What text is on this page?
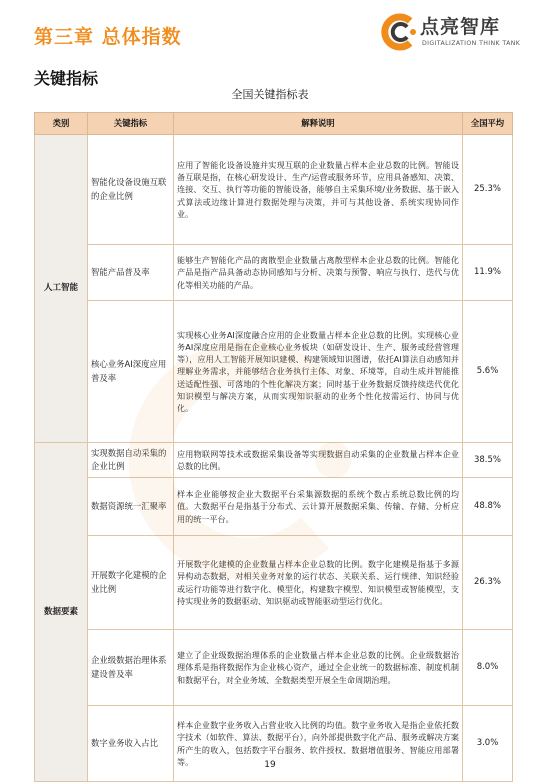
第三章 总体指数	点亮智库
DIGITALIZATION THINK TANK
关键指标
全国关键指标表
类别	关键指标	解释说明	全国平均
人工智能	智能化设备设施互联的企业比例	应用了智能化设备设施并实现互联的企业数量占样本企业总数的比例。智能设备互联是指，在核心研发设计、生产/运营或服务环节，应用具备感知、决策、连接、交互、执行等功能的智能设备，能够自主采集环境/业务数据、基于嵌入式算法或边缘计算进行数据处理与决策，并可与其他设备、系统实现协同作业。	25.3%
	智能产品普及率	能够生产智能化产品的离散型企业数量占离散型样本企业总数的比例。智能化产品是指产品具备动态协同感知与分析、决策与预警、响应与执行、迭代与优化等相关功能的产品。	11.9%
	核心业务AI深度应用普及率	实现核心业务AI深度融合应用的企业数量占样本企业总数的比例。实现核心业务AI深度应用是指在企业核心业务板块（如研发设计、生产、服务或经营管理等），应用人工智能开展知识建模、构建领域知识图谱，依托AI算法自动感知并理解业务需求，并能够结合业务执行主体、对象、环境等，自动生成并智能推送适配性强、可落地的个性化解决方案；同时基于业务数据反馈持续迭代优化知识模型与解决方案，从而实现知识驱动的业务个性化按需运行、协同与优化。	5.6%
数据要素	实现数据自动采集的企业比例	应用物联网等技术或数据采集设备等实现数据自动采集的企业数量占样本企业总数的比例。	38.5%
	数据资源统一汇聚率	样本企业能够按企业大数据平台采集源数据的系统个数占系统总数比例的均值。大数据平台是指基于分布式、云计算开展数据采集、传输、存储、分析应用的统一平台。	48.8%
	开展数字化建模的企业比例	开展数字化建模的企业数量占样本企业总数的比例。数字化建模是指基于多源异构动态数据，对相关业务对象的运行状态、关联关系、运行规律、知识经验或运行功能等进行数字化、模型化，构建数字模型、知识模型或智能模型，支持实现业务的数据驱动、知识驱动或智能驱动型运行优化。	26.3%
	企业级数据治理体系建设普及率	建立了企业级数据治理体系的企业数量占样本企业总数的比例。企业级数据治理体系是指将数据作为企业核心资产，通过全企业统一的数据标准、制度机制和数据平台，对全业务域、全数据类型开展全生命周期治理。	8.0%
	数字业务收入占比	样本企业数字业务收入占营业收入比例的均值。数字业务收入是指企业依托数字技术（如软件、算法、数据平台），向外部提供数字化产品、服务或解决方案所产生的收入，包括数字平台服务、软件授权、数据增值服务、智能应用部署等。	3.0%
19
